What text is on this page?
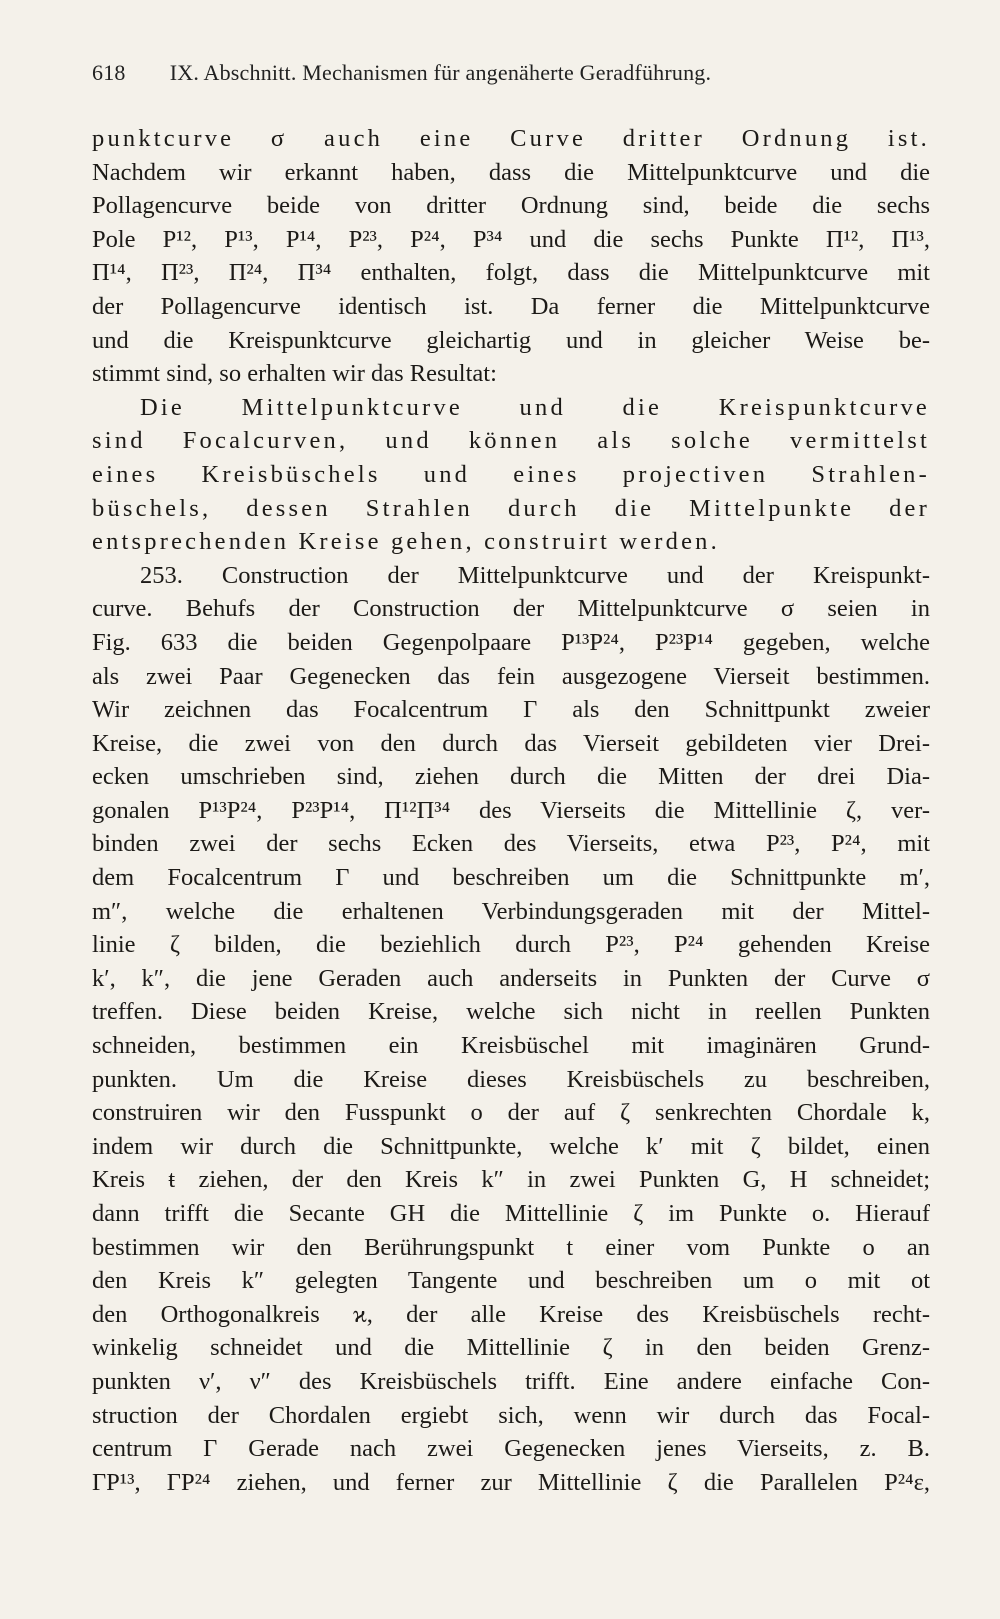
618 IX. Abschnitt. Mechanismen für angenäherte Geradführung.
punktcurve σ auch eine Curve dritter Ordnung ist.
Nachdem wir erkannt haben, dass die Mittelpunktcurve und die
Pollagencurve beide von dritter Ordnung sind, beide die sechs
Pole P¹², P¹³, P¹⁴, P²³, P²⁴, P³⁴ und die sechs Punkte Π¹², Π¹³,
Π¹⁴, Π²³, Π²⁴, Π³⁴ enthalten, folgt, dass die Mittelpunktcurve mit
der Pollagencurve identisch ist. Da ferner die Mittelpunktcurve
und die Kreispunktcurve gleichartig und in gleicher Weise be-
stimmt sind, so erhalten wir das Resultat:
Die Mittelpunktcurve und die Kreispunktcurve
sind Focalcurven, und können als solche vermittelst
eines Kreisbüschels und eines projectiven Strahlen-
büschels, dessen Strahlen durch die Mittelpunkte der
entsprechenden Kreise gehen, construirt werden.
253. Construction der Mittelpunktcurve und der Kreispunkt-
curve. Behufs der Construction der Mittelpunktcurve σ seien in
Fig. 633 die beiden Gegenpolpaare P¹³P²⁴, P²³P¹⁴ gegeben, welche
als zwei Paar Gegenecken das fein ausgezogene Vierseit bestimmen.
Wir zeichnen das Focalcentrum Γ als den Schnittpunkt zweier
Kreise, die zwei von den durch das Vierseit gebildeten vier Drei-
ecken umschrieben sind, ziehen durch die Mitten der drei Dia-
gonalen P¹³P²⁴, P²³P¹⁴, Π¹²Π³⁴ des Vierseits die Mittellinie ζ, ver-
binden zwei der sechs Ecken des Vierseits, etwa P²³, P²⁴, mit
dem Focalcentrum Γ und beschreiben um die Schnittpunkte m′,
m″, welche die erhaltenen Verbindungsgeraden mit der Mittel-
linie ζ bilden, die beziehlich durch P²³, P²⁴ gehenden Kreise
k′, k″, die jene Geraden auch anderseits in Punkten der Curve σ
treffen. Diese beiden Kreise, welche sich nicht in reellen Punkten
schneiden, bestimmen ein Kreisbüschel mit imaginären Grund-
punkten. Um die Kreise dieses Kreisbüschels zu beschreiben,
construiren wir den Fusspunkt o der auf ζ senkrechten Chordale k,
indem wir durch die Schnittpunkte, welche k′ mit ζ bildet, einen
Kreis ŧ ziehen, der den Kreis k″ in zwei Punkten G, H schneidet;
dann trifft die Secante GH die Mittellinie ζ im Punkte o. Hierauf
bestimmen wir den Berührungspunkt t einer vom Punkte o an
den Kreis k″ gelegten Tangente und beschreiben um o mit ot
den Orthogonalkreis ϰ, der alle Kreise des Kreisbüschels recht-
winkelig schneidet und die Mittellinie ζ in den beiden Grenz-
punkten ν′, ν″ des Kreisbüschels trifft. Eine andere einfache Con-
struction der Chordalen ergiebt sich, wenn wir durch das Focal-
centrum Γ Gerade nach zwei Gegenecken jenes Vierseits, z. B.
ΓP¹³, ΓP²⁴ ziehen, und ferner zur Mittellinie ζ die Parallelen P²⁴ε,
